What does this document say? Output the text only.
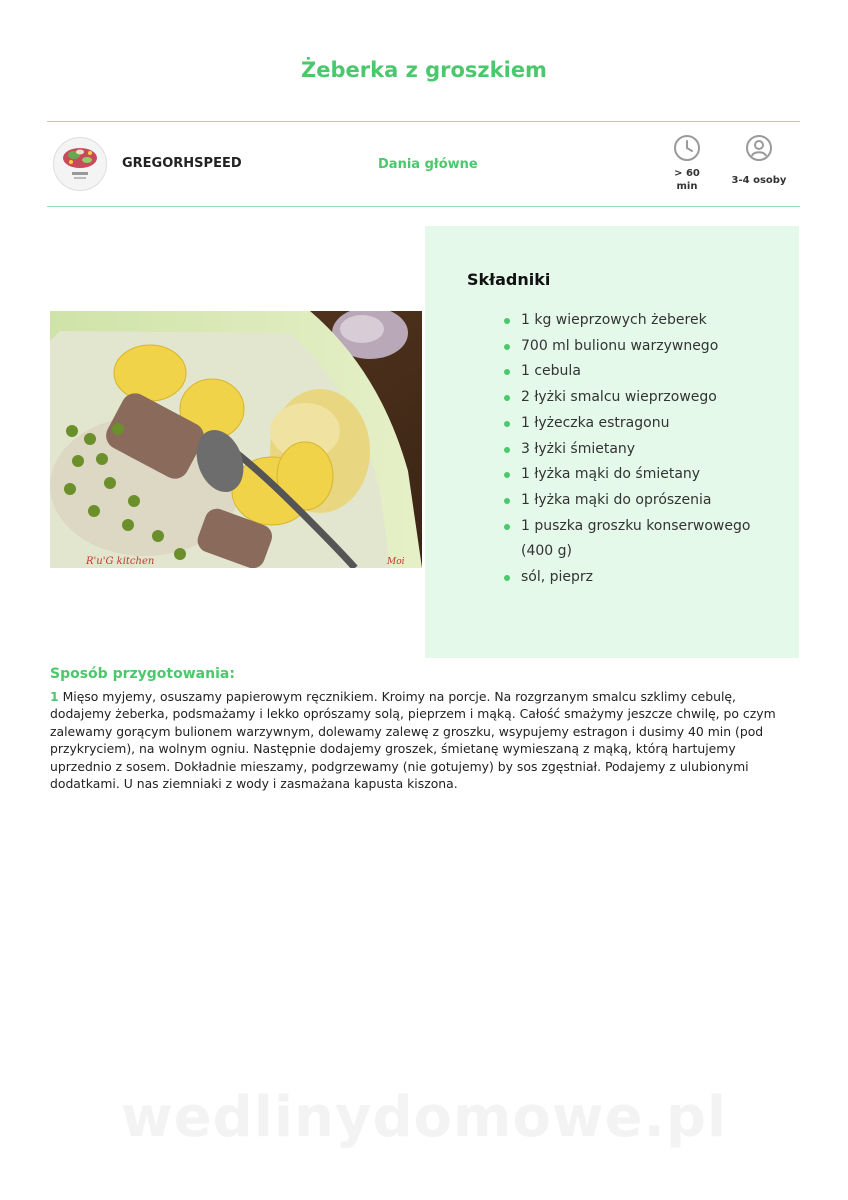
Żeberka z groszkiem
GREGORHSPEED	Dania główne
> 60
min
3-4 osoby
R'u'G kitchen	Moi
Składniki
1 kg wieprzowych żeberek
700 ml bulionu warzywnego
1 cebula
2 łyżki smalcu wieprzowego
1 łyżeczka estragonu
3 łyżki śmietany
1 łyżka mąki do śmietany
1 łyżka mąki do oprószenia
1 puszka groszku konserwowego (400 g)
sól, pieprz
Sposób przygotowania:
1 Mięso myjemy, osuszamy papierowym ręcznikiem. Kroimy na porcje. Na rozgrzanym smalcu szklimy cebulę, dodajemy żeberka, podsmażamy i lekko oprószamy solą, pieprzem i mąką. Całość smażymy jeszcze chwilę, po czym zalewamy gorącym bulionem warzywnym, dolewamy zalewę z groszku, wsypujemy estragon i dusimy 40 min (pod przykryciem), na wolnym ogniu. Następnie dodajemy groszek, śmietanę wymieszaną z mąką, którą hartujemy uprzednio z sosem. Dokładnie mieszamy, podgrzewamy (nie gotujemy) by sos zgęstniał. Podajemy z ulubionymi dodatkami. U nas ziemniaki z wody i zasmażana kapusta kiszona.
wedlinydomowe.pl
